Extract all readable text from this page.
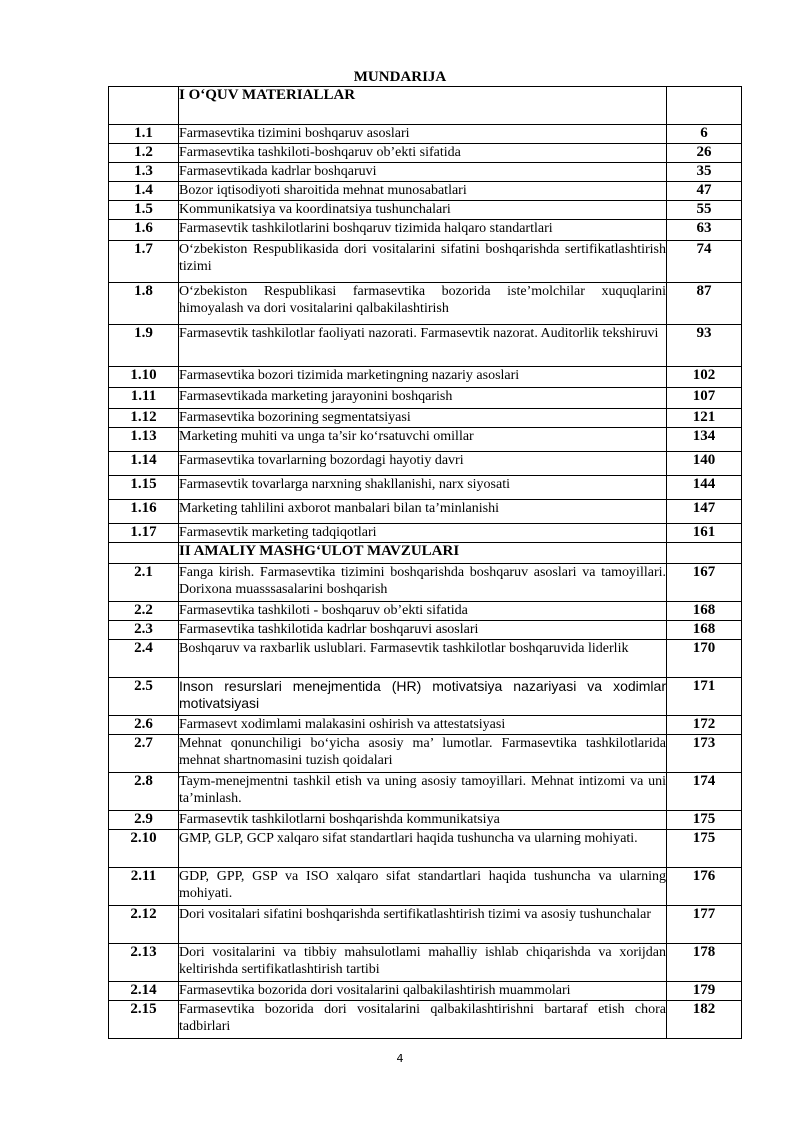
MUNDARIJA
	I O‘QUV MATERIALLAR	
1.1	Farmasevtika tizimini boshqaruv asoslari	6
1.2	Farmasevtika tashkiloti-boshqaruv ob’ekti sifatida	26
1.3	Farmasevtikada kadrlar boshqaruvi	35
1.4	Bozor iqtisodiyoti sharoitida mehnat munosabatlari	47
1.5	Kommunikatsiya va koordinatsiya tushunchalari	55
1.6	Farmasevtik tashkilotlarini boshqaruv tizimida halqaro standartlari	63
1.7	O‘zbekiston Respublikasida dori vositalarini sifatini boshqarishda sertifikatlashtirish tizimi	74
1.8	O‘zbekiston Respublikasi farmasevtika bozorida iste’molchilar xuquqlarini himoyalash va dori vositalarini qalbakilashtirish	87
1.9	Farmasevtik tashkilotlar faoliyati nazorati. Farmasevtik nazorat. Auditorlik tekshiruvi	93
1.10	Farmasevtika bozori tizimida marketingning nazariy asoslari	102
1.11	Farmasevtikada marketing jarayonini boshqarish	107
1.12	Farmasevtika bozorining segmentatsiyasi	121
1.13	Marketing muhiti va unga ta’sir ko‘rsatuvchi omillar	134
1.14	Farmasevtika tovarlarning bozordagi hayotiy davri	140
1.15	Farmasevtik tovarlarga narxning shakllanishi, narx siyosati	144
1.16	Marketing tahlilini axborot manbalari bilan ta’minlanishi	147
1.17	Farmasevtik marketing tadqiqotlari	161
	II AMALIY MASHG‘ULOT MAVZULARI	
2.1	Fanga kirish. Farmasevtika tizimini boshqarishda boshqaruv asoslari va tamoyillari. Dorixona muasssasalarini boshqarish	167
2.2	Farmasevtika tashkiloti - boshqaruv ob’ekti sifatida	168
2.3	Farmasevtika tashkilotida kadrlar boshqaruvi asoslari	168
2.4	Boshqaruv va raxbarlik uslublari. Farmasevtik tashkilotlar boshqaruvida liderlik	170
2.5	Inson resurslari menejmentida (HR) motivatsiya nazariyasi va xodimlar motivatsiyasi	171
2.6	Farmasevt xodimlami malakasini oshirish va attestatsiyasi	172
2.7	Mehnat qonunchiligi bo‘yicha asosiy ma’ lumotlar. Farmasevtika tashkilotlarida mehnat shartnomasini tuzish qoidalari	173
2.8	Taym-menejmentni tashkil etish va uning asosiy tamoyillari. Mehnat intizomi va uni ta’minlash.	174
2.9	Farmasevtik tashkilotlarni boshqarishda kommunikatsiya	175
2.10	GMP, GLP, GCP xalqaro sifat standartlari haqida tushuncha va ularning mohiyati.	175
2.11	GDP, GPP, GSP va ISO xalqaro sifat standartlari haqida tushuncha va ularning mohiyati.	176
2.12	Dori vositalari sifatini boshqarishda sertifikatlashtirish tizimi va asosiy tushunchalar	177
2.13	Dori vositalarini va tibbiy mahsulotlami mahalliy ishlab chiqarishda va xorijdan keltirishda sertifikatlashtirish tartibi	178
2.14	Farmasevtika bozorida dori vositalarini qalbakilashtirish muammolari	179
2.15	Farmasevtika bozorida dori vositalarini qalbakilashtirishni bartaraf etish chora tadbirlari	182
4
